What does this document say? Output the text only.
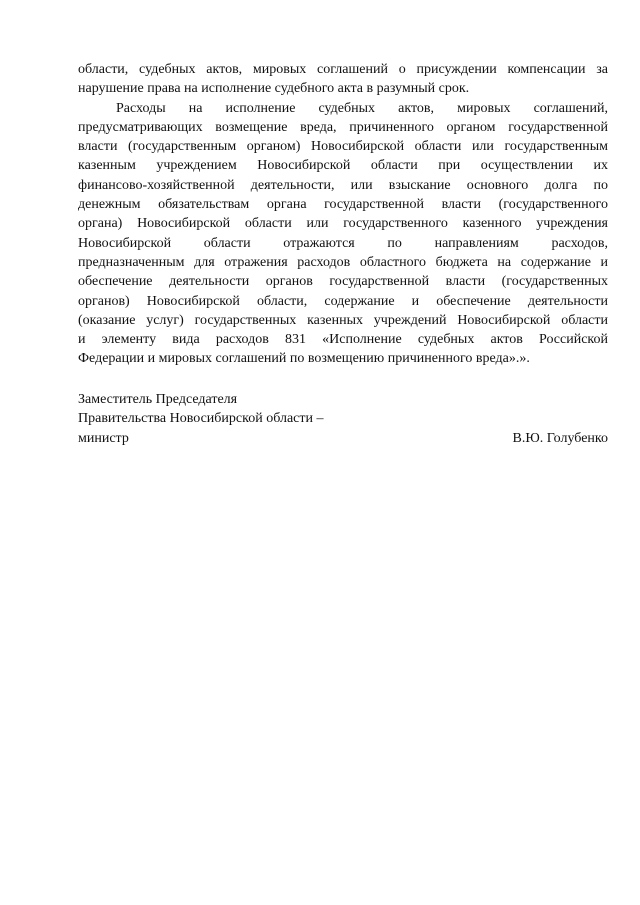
области, судебных актов, мировых соглашений о присуждении компенсации за
нарушение права на исполнение судебного акта в разумный срок.
Расходы на исполнение судебных актов, мировых соглашений,
предусматривающих возмещение вреда, причиненного органом государственной
власти (государственным органом) Новосибирской области или государственным
казенным учреждением Новосибирской области при осуществлении их
финансово-хозяйственной деятельности, или взыскание основного долга по
денежным обязательствам органа государственной власти (государственного
органа) Новосибирской области или государственного казенного учреждения
Новосибирской области отражаются по направлениям расходов,
предназначенным для отражения расходов областного бюджета на содержание и
обеспечение деятельности органов государственной власти (государственных
органов) Новосибирской области, содержание и обеспечение деятельности
(оказание услуг) государственных казенных учреждений Новосибирской области
и элементу вида расходов 831 «Исполнение судебных актов Российской
Федерации и мировых соглашений по возмещению причиненного вреда».».
Заместитель Председателя
Правительства Новосибирской области –
министр	В.Ю. Голубенко
